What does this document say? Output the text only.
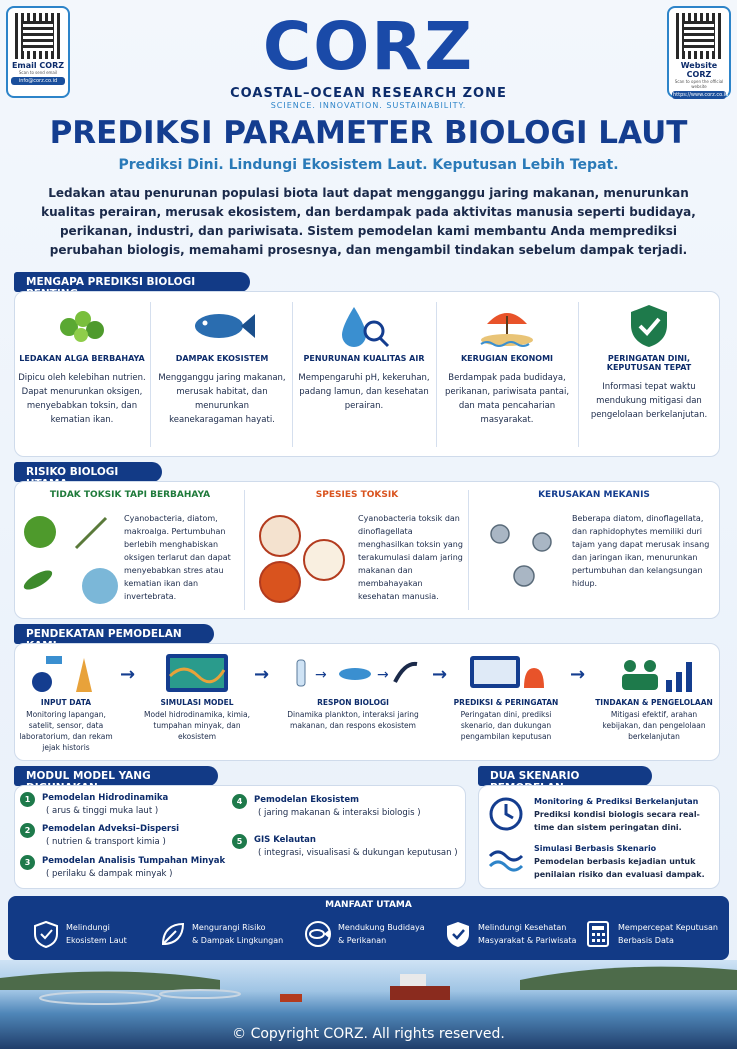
Email CORZ
Scan to send email
info@corz.co.id
Website CORZ
Scan to open the official website
https://www.corz.co.id
CORZ
COASTAL–OCEAN RESEARCH ZONE
SCIENCE. INNOVATION. SUSTAINABILITY.
PREDIKSI PARAMETER BIOLOGI LAUT
Prediksi Dini. Lindungi Ekosistem Laut. Keputusan Lebih Tepat.
Ledakan atau penurunan populasi biota laut dapat mengganggu jaring makanan, menurunkan kualitas perairan, merusak ekosistem, dan berdampak pada aktivitas manusia seperti budidaya, perikanan, industri, dan pariwisata. Sistem pemodelan kami membantu Anda memprediksi perubahan biologis, memahami prosesnya, dan mengambil tindakan sebelum dampak terjadi.
MENGAPA PREDIKSI BIOLOGI
LEDAKAN ALGA BERBAHAYA
Dipicu oleh kelebihan nutrien. Dapat menurunkan oksigen, menyebabkan toksin, dan kematian ikan.
DAMPAK EKOSISTEM
Mengganggu jaring makanan, merusak habitat, dan menurunkan keanekaragaman hayati.
PENURUNAN KUALITAS AIR
Mempengaruhi pH, kekeruhan, padang lamun, dan kesehatan perairan.
KERUGIAN EKONOMI
Berdampak pada budidaya, perikanan, pariwisata pantai, dan mata pencaharian masyarakat.
PERINGATAN DINI, KEPUTUSAN TEPAT
Informasi tepat waktu mendukung mitigasi dan pengelolaan berkelanjutan.
RISIKO BIOLOGI
TIDAK TOKSIK TAPI BERBAHAYA
Cyanobacteria, diatom, makroalga. Pertumbuhan berlebih menghabiskan oksigen terlarut dan dapat menyebabkan stres atau kematian ikan dan invertebrata.
SPESIES TOKSIK
Cyanobacteria toksik dan dinoflagellata menghasilkan toksin yang terakumulasi dalam jaring makanan dan membahayakan kesehatan manusia.
KERUSAKAN MEKANIS
Beberapa diatom, dinoflagellata, dan raphidophytes memiliki duri tajam yang dapat merusak insang dan jaringan ikan, menurunkan pertumbuhan dan kelangsungan hidup.
PENDEKATAN PEMODELAN
INPUT DATA
Monitoring lapangan, satelit, sensor, data laboratorium, dan rekam jejak historis
→
SIMULASI MODEL
Model hidrodinamika, kimia, tumpahan minyak, dan ekosistem
→	→	→
RESPON BIOLOGI
Dinamika plankton, interaksi jaring makanan, dan respons ekosistem
→
PREDIKSI & PERINGATAN
Peringatan dini, prediksi skenario, dan dukungan pengambilan keputusan
→
TINDAKAN & PENGELOLAAN
Mitigasi efektif, arahan kebijakan, dan pengelolaan berkelanjutan
MODUL MODEL YANG
1	Pemodelan Hidrodinamika
( arus & tinggi muka laut )
2	Pemodelan Adveksi–Dispersi
( nutrien & transport kimia )
3	Pemodelan Analisis Tumpahan Minyak
( perilaku & dampak minyak )
4	Pemodelan Ekosistem
( jaring makanan & interaksi biologis )
5	GIS Kelautan
( integrasi, visualisasi & dukungan keputusan )
DUA SKENARIO
Monitoring & Prediksi Berkelanjutan
Prediksi kondisi biologis secara real-time dan sistem peringatan dini.
Simulasi Berbasis Skenario
Pemodelan berbasis kejadian untuk penilaian risiko dan evaluasi dampak.
MANFAAT UTAMA
Melindungi
Ekosistem Laut
Mengurangi Risiko
& Dampak Lingkungan
Mendukung Budidaya
& Perikanan
Melindungi Kesehatan
Masyarakat & Pariwisata
Mempercepat Keputusan
Berbasis Data
© Copyright CORZ. All rights reserved.
